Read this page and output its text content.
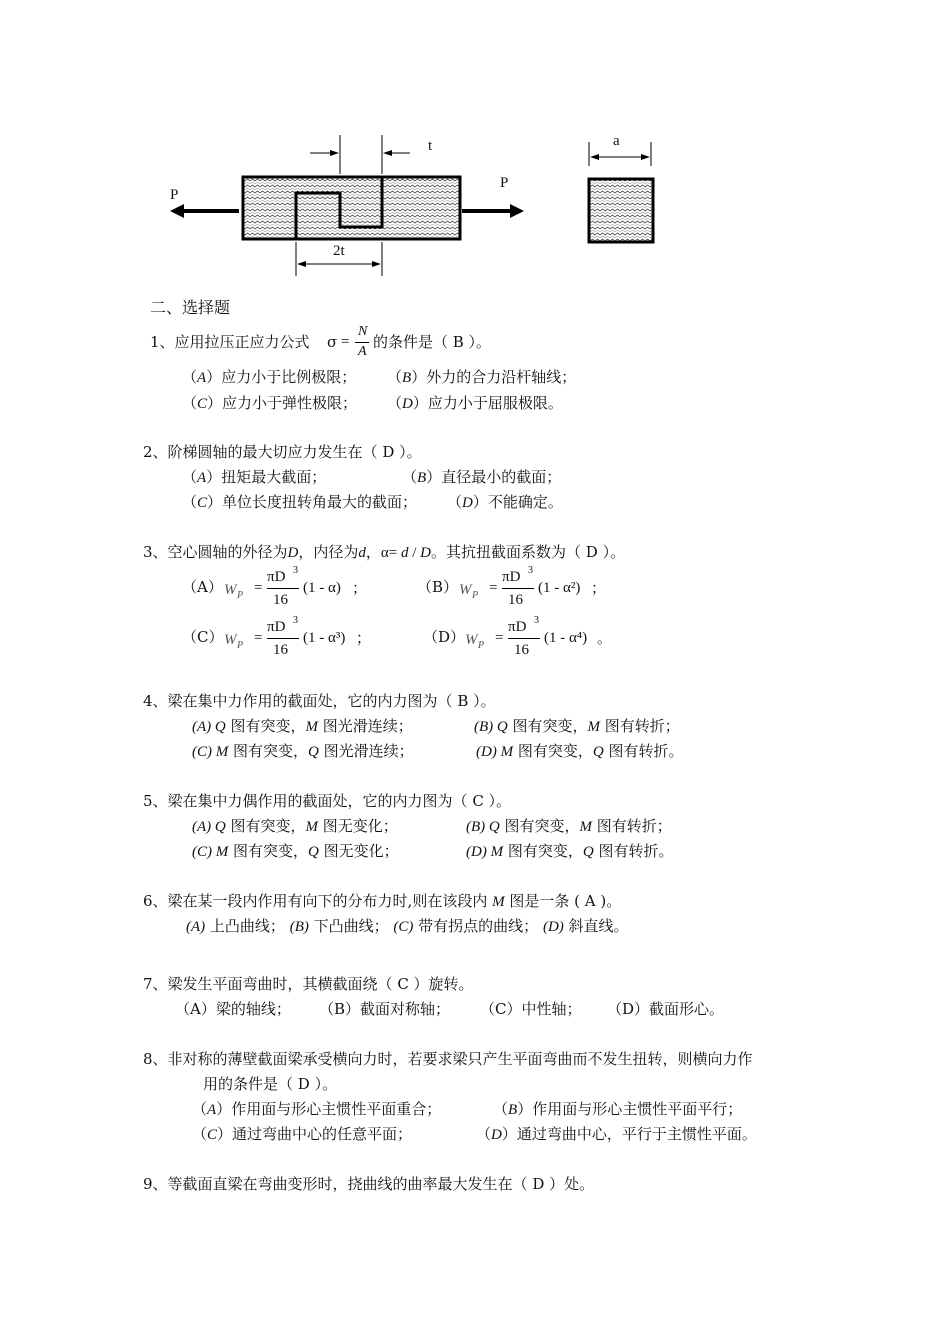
t	a
P
P
2t
二、选择题
1、应用拉压正应力公式 σ =
N
A
的条件是（ B ）。
（A）应力小于比例极限； （B）外力的合力沿杆轴线；
（C）应力小于弹性极限； （D）应力小于屈服极限。
2、阶梯圆轴的最大切应力发生在（ D ）。
（A）扭矩最大截面；	（B）直径最小的截面；
（C）单位长度扭转角最大的截面； （D）不能确定。
3、空心圆轴的外径为D，内径为d，α= d / D。其抗扭截面系数为（ D ）。
（A） W P =
πD 3
16
(1 - α) ；	（B） W P =
πD 3
16
(1 - α²) ；
（C） W P =
πD 3
16
(1 - α³) ；	（D） W P =
πD 3
16
(1 - α⁴) 。
4、梁在集中力作用的截面处，它的内力图为（ B ）。
(A) Q 图有突变，M 图光滑连续；	(B) Q 图有突变，M 图有转折；
(C) M 图有突变，Q 图光滑连续；	(D) M 图有突变，Q 图有转折。
5、梁在集中力偶作用的截面处，它的内力图为（ C ）。
(A) Q 图有突变，M 图无变化；	(B) Q 图有突变，M 图有转折；
(C) M 图有突变，Q 图无变化；	(D) M 图有突变，Q 图有转折。
6、梁在某一段内作用有向下的分布力时,则在该段内 M 图是一条 ( A )。
(A) 上凸曲线； (B) 下凸曲线； (C) 带有拐点的曲线； (D) 斜直线。
7、梁发生平面弯曲时，其横截面绕（ C ）旋转。
（A）梁的轴线； （B）截面对称轴； （C）中性轴； （D）截面形心。
8、非对称的薄壁截面梁承受横向力时，若要求梁只产生平面弯曲而不发生扭转，则横向力作
用的条件是（ D ）。
（A）作用面与形心主惯性平面重合；	（B）作用面与形心主惯性平面平行；
（C）通过弯曲中心的任意平面；	（D）通过弯曲中心，平行于主惯性平面。
9、等截面直梁在弯曲变形时，挠曲线的曲率最大发生在（ D ）处。
